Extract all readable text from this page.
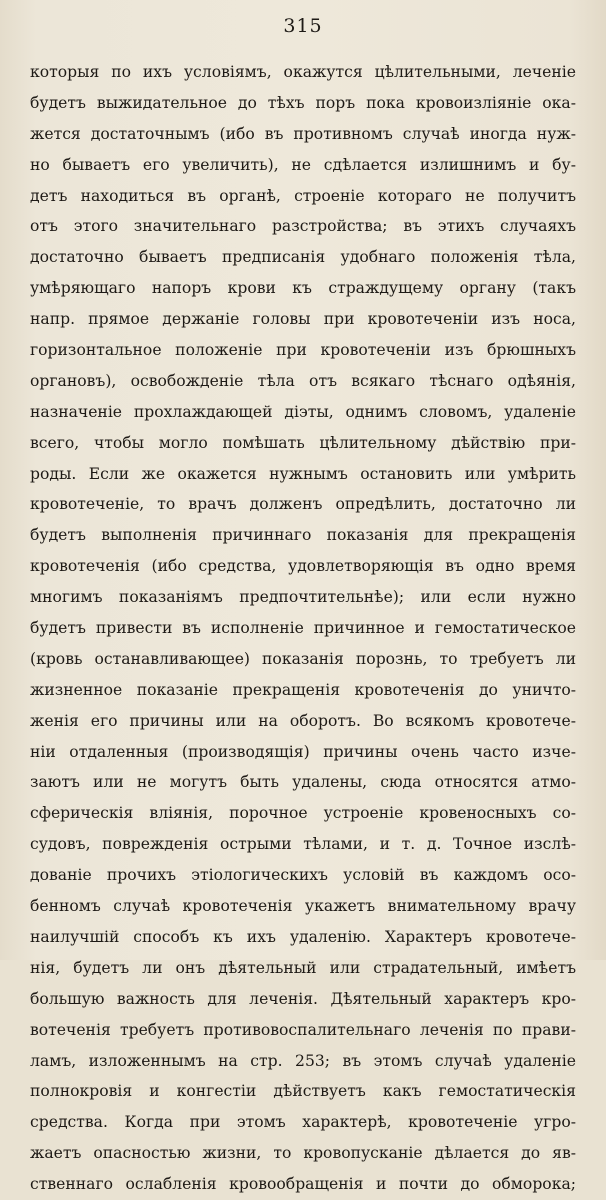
315
которыя по ихъ условіямъ, окажутся цѣлительными, леченіе
будетъ выжидательное до тѣхъ поръ пока кровоизліяніе ока-
жется достаточнымъ (ибо въ противномъ случаѣ иногда нуж-
но бываетъ его увеличить), не сдѣлается излишнимъ и бу-
детъ находиться въ органѣ, строеніе котораго не получитъ
отъ этого значительнаго разстройства; въ этихъ случаяхъ
достаточно бываетъ предписанія удобнаго положенія тѣла,
умѣряющаго напоръ крови къ страждущему органу (такъ
напр. прямое держаніе головы при кровотеченіи изъ носа,
горизонтальное положеніе при кровотеченіи изъ брюшныхъ
органовъ), освобожденіе тѣла отъ всякаго тѣснаго одѣянія,
назначеніе прохлаждающей діэты, однимъ словомъ, удаленіе
всего, чтобы могло помѣшать цѣлительному дѣйствію при-
роды. Если же окажется нужнымъ остановить или умѣрить
кровотеченіе, то врачъ долженъ опредѣлить, достаточно ли
будетъ выполненія причиннаго показанія для прекращенія
кровотеченія (ибо средства, удовлетворяющія въ одно время
многимъ показаніямъ предпочтительнѣе); или если нужно
будетъ привести въ исполненіе причинное и гемостатическое
(кровь останавливающее) показанія порознь, то требуетъ ли
жизненное показаніе прекращенія кровотеченія до уничто-
женія его причины или на оборотъ. Во всякомъ кровотече-
ніи отдаленныя (производящія) причины очень часто изче-
заютъ или не могутъ быть удалены, сюда относятся атмо-
сферическія вліянія, порочное устроеніе кровеносныхъ со-
судовъ, поврежденія острыми тѣлами, и т. д. Точное изслѣ-
дованіе прочихъ этіологическихъ условій въ каждомъ осо-
бенномъ случаѣ кровотеченія укажетъ внимательному врачу
наилучшій способъ къ ихъ удаленію. Характеръ кровотече-
нія, будетъ ли онъ дѣятельный или страдательный, имѣетъ
большую важность для леченія. Дѣятельный характеръ кро-
вотеченія требуетъ противовоспалительнаго леченія по прави-
ламъ, изложеннымъ на стр. 253; въ этомъ случаѣ удаленіе
полнокровія и конгестіи дѣйствуетъ какъ гемостатическія
средства. Когда при этомъ характерѣ, кровотеченіе угро-
жаетъ опасностью жизни, то кровопусканіе дѣлается до яв-
ственнаго ослабленія кровообращенія и почти до обморока;
